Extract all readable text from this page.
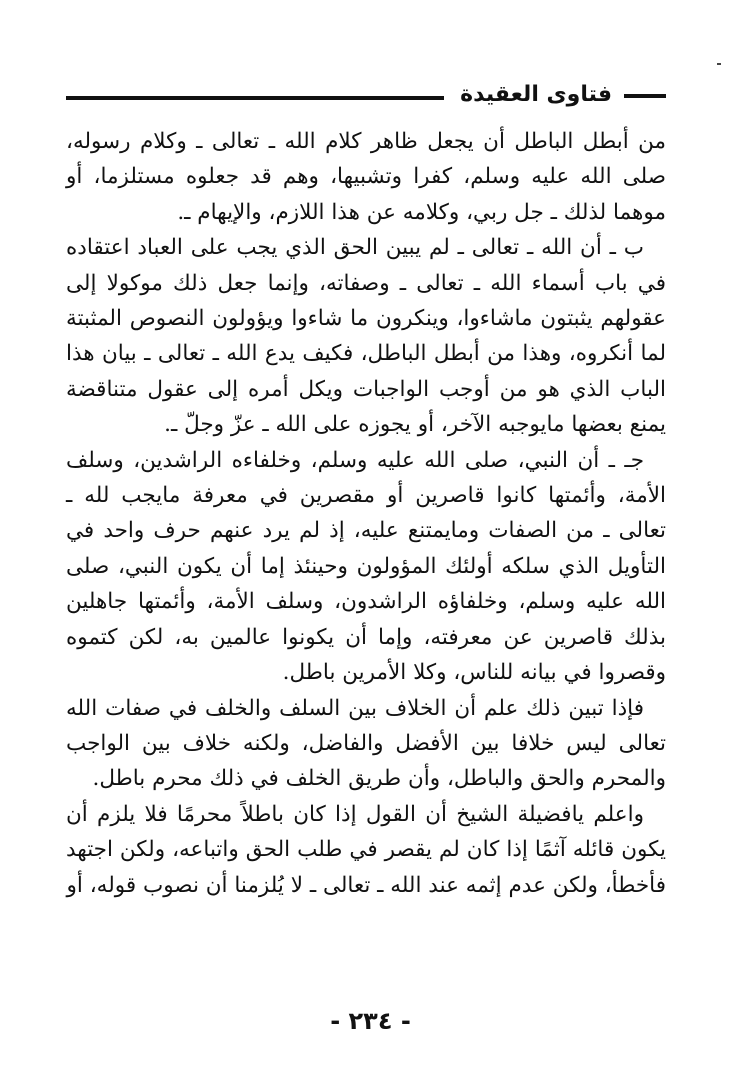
فتاوى العقيدة

من أبطل الباطل أن يجعل ظاهر كلام الله ـ تعالى ـ وكلام رسوله، صلى الله عليه وسلم، كفرا وتشبيها، وهم قد جعلوه مستلزما، أو موهما لذلك ـ جل ربي، وكلامه عن هذا اللازم، والإيهام ـ.

ب ـ أن الله ـ تعالى ـ لم يبين الحق الذي يجب على العباد اعتقاده في باب أسماء الله ـ تعالى ـ وصفاته، وإنما جعل ذلك موكولا إلى عقولهم يثبتون ماشاءوا، وينكرون ما شاءوا ويؤولون النصوص المثبتة لما أنكروه، وهذا من أبطل الباطل، فكيف يدع الله ـ تعالى ـ بيان هذا الباب الذي هو من أوجب الواجبات ويكل أمره إلى عقول متناقضة يمنع بعضها مايوجبه الآخر، أو يجوزه على الله ـ عزّ وجلّ ـ.

جـ ـ أن النبي، صلى الله عليه وسلم، وخلفاءه الراشدين، وسلف الأمة، وأئمتها كانوا قاصرين أو مقصرين في معرفة مايجب لله ـ تعالى ـ من الصفات ومايمتنع عليه، إذ لم يرد عنهم حرف واحد في التأويل الذي سلكه أولئك المؤولون وحينئذ إما أن يكون النبي، صلى الله عليه وسلم، وخلفاؤه الراشدون، وسلف الأمة، وأئمتها جاهلين بذلك قاصرين عن معرفته، وإما أن يكونوا عالمين به، لكن كتموه وقصروا في بيانه للناس، وكلا الأمرين باطل.

فإذا تبين ذلك علم أن الخلاف بين السلف والخلف في صفات الله تعالى ليس خلافا بين الأفضل والفاضل، ولكنه خلاف بين الواجب والمحرم والحق والباطل، وأن طريق الخلف في ذلك محرم باطل.

واعلم يافضيلة الشيخ أن القول إذا كان باطلاً محرمًا فلا يلزم أن يكون قائله آثمًا إذا كان لم يقصر في طلب الحق واتباعه، ولكن اجتهد فأخطأ، ولكن عدم إثمه عند الله ـ تعالى ـ لا يُلزمنا أن نصوب قوله، أو

- ٢٣٤ -
